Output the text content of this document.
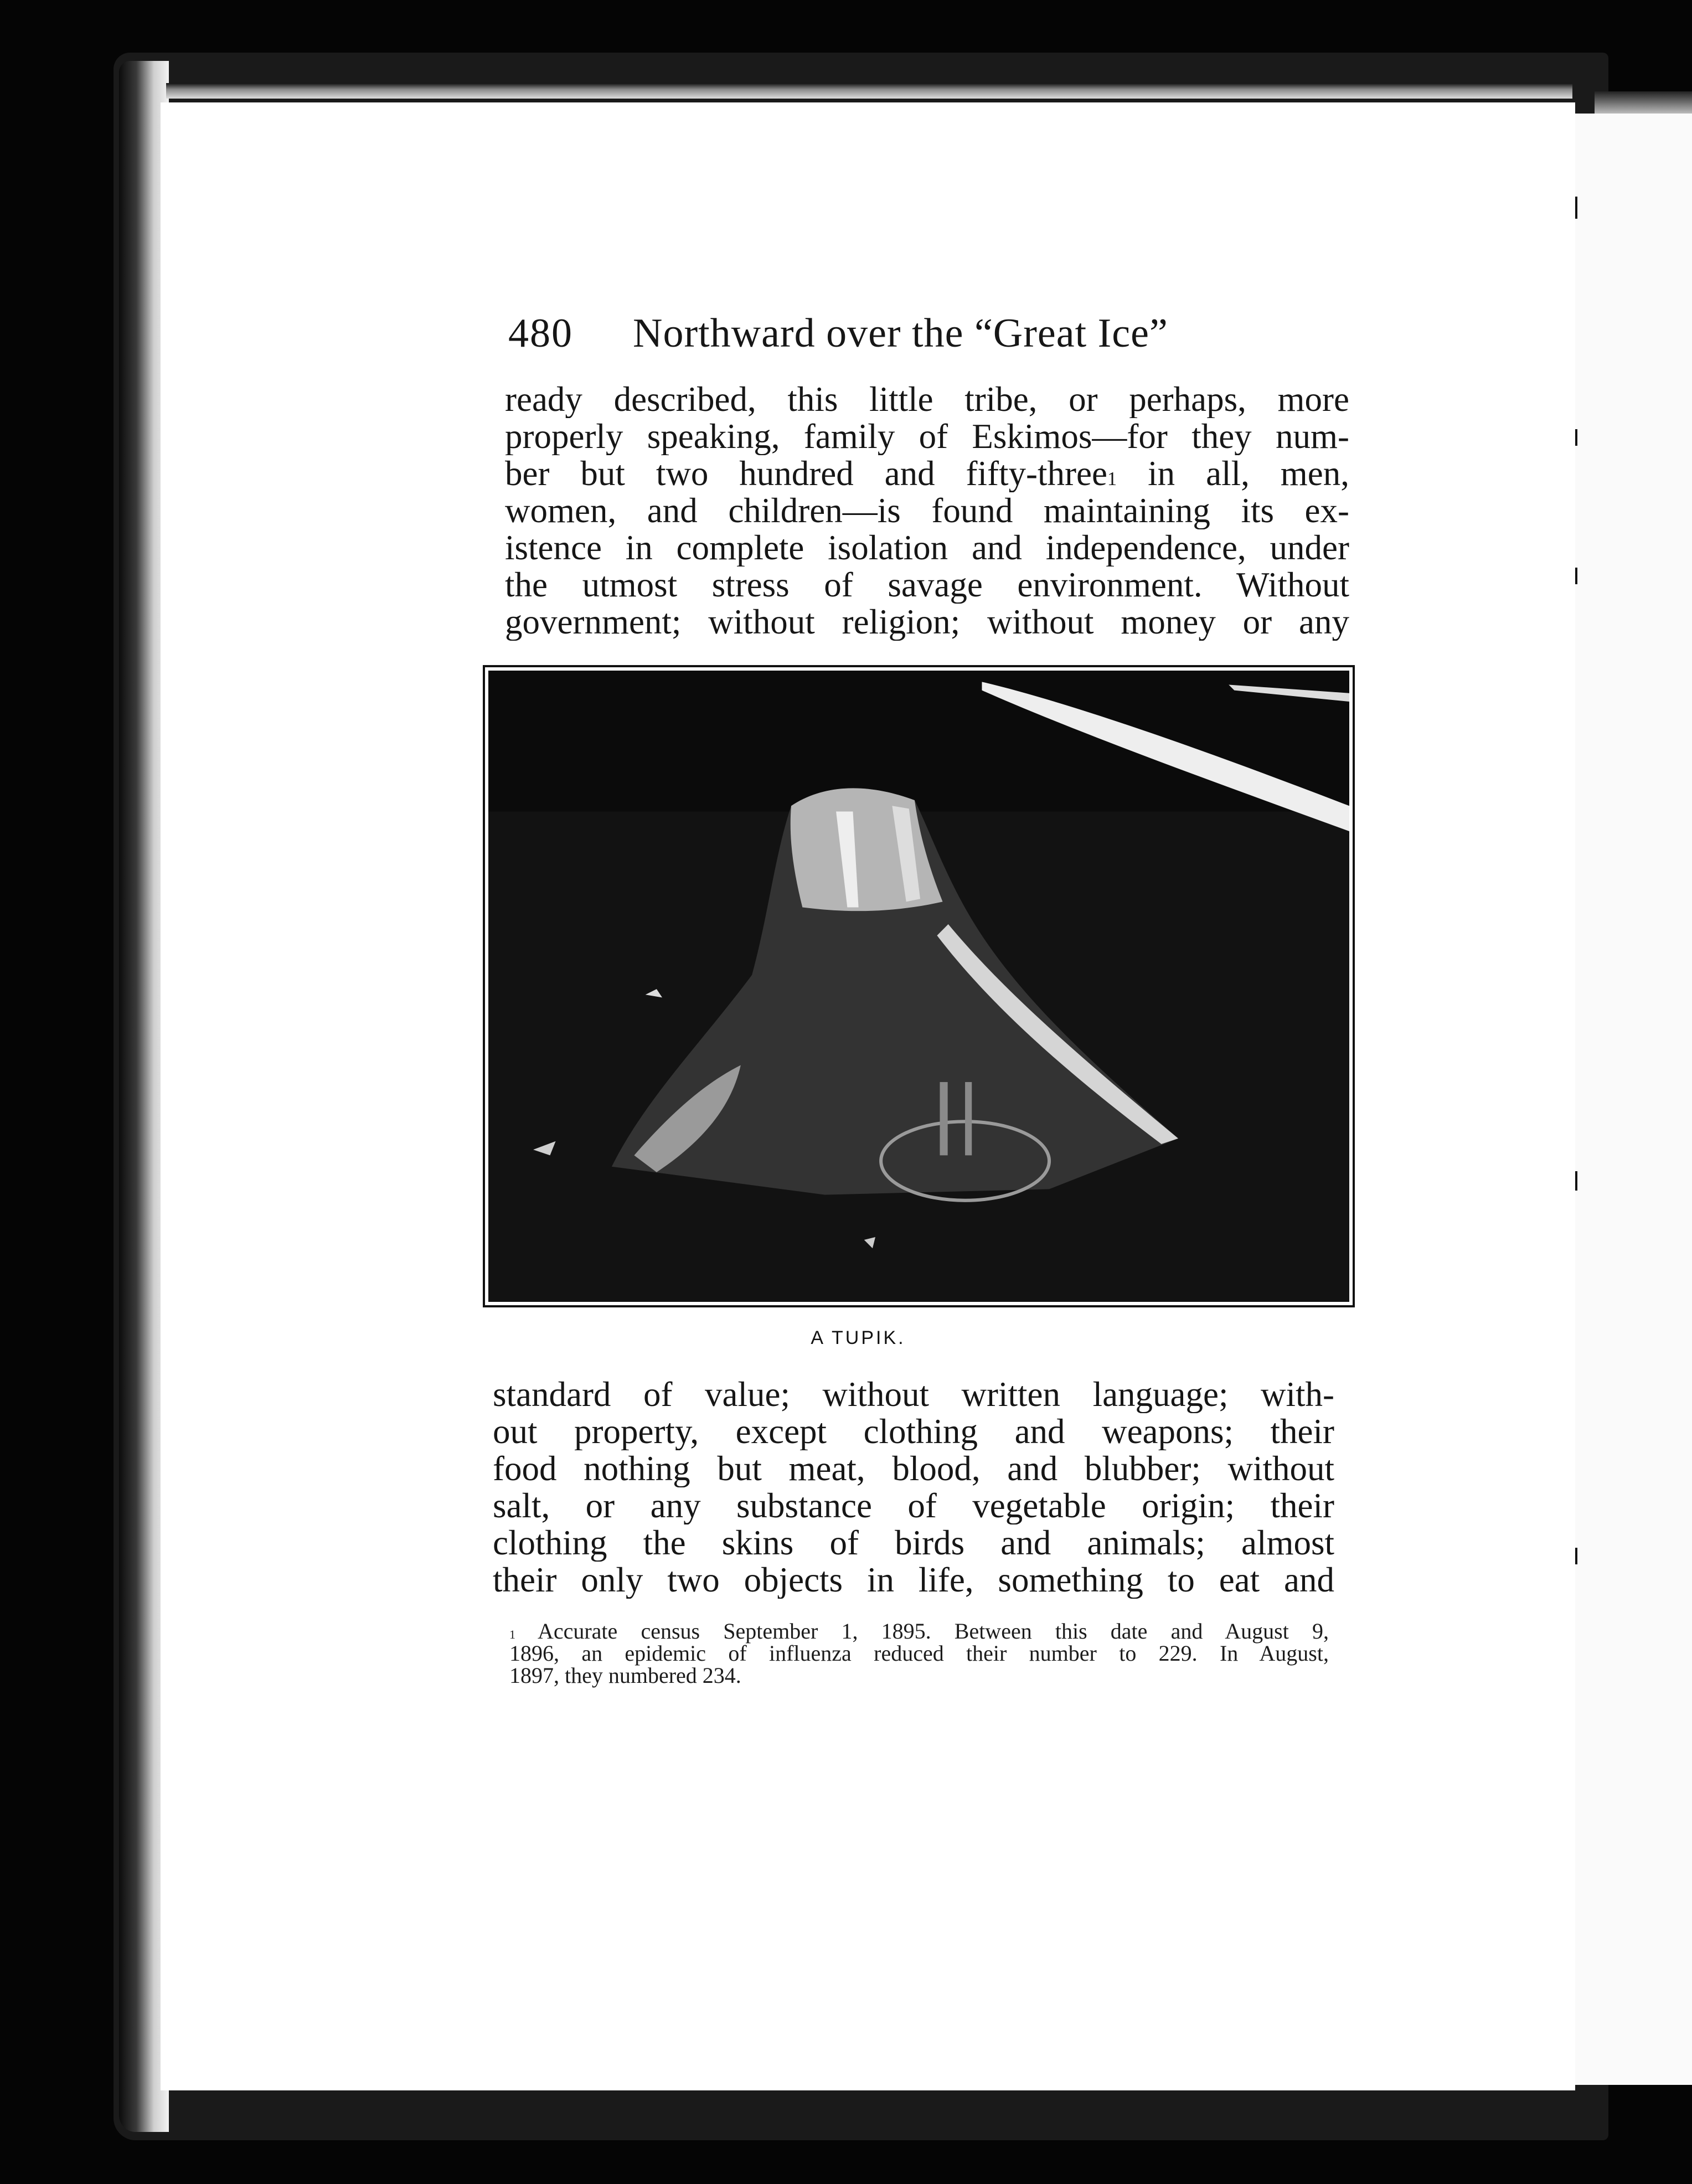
480 Northward over the “Great Ice”
ready described, this little tribe, or perhaps, more
properly speaking, family of Eskimos—for they num-
ber but two hundred and fifty-three$^1$ in all, men,
women, and children—is found maintaining its ex-
istence in complete isolation and independence, under
the utmost stress of savage environment. Without
government; without religion; without money or any
A TUPIK.
standard of value; without written language; with-
out property, except clothing and weapons; their
food nothing but meat, blood, and blubber; without
salt, or any substance of vegetable origin; their
clothing the skins of birds and animals; almost
their only two objects in life, something to eat and
$^1$ Accurate census September 1, 1895. Between this date and August 9,
1896, an epidemic of influenza reduced their number to 229. In August,
1897, they numbered 234.
